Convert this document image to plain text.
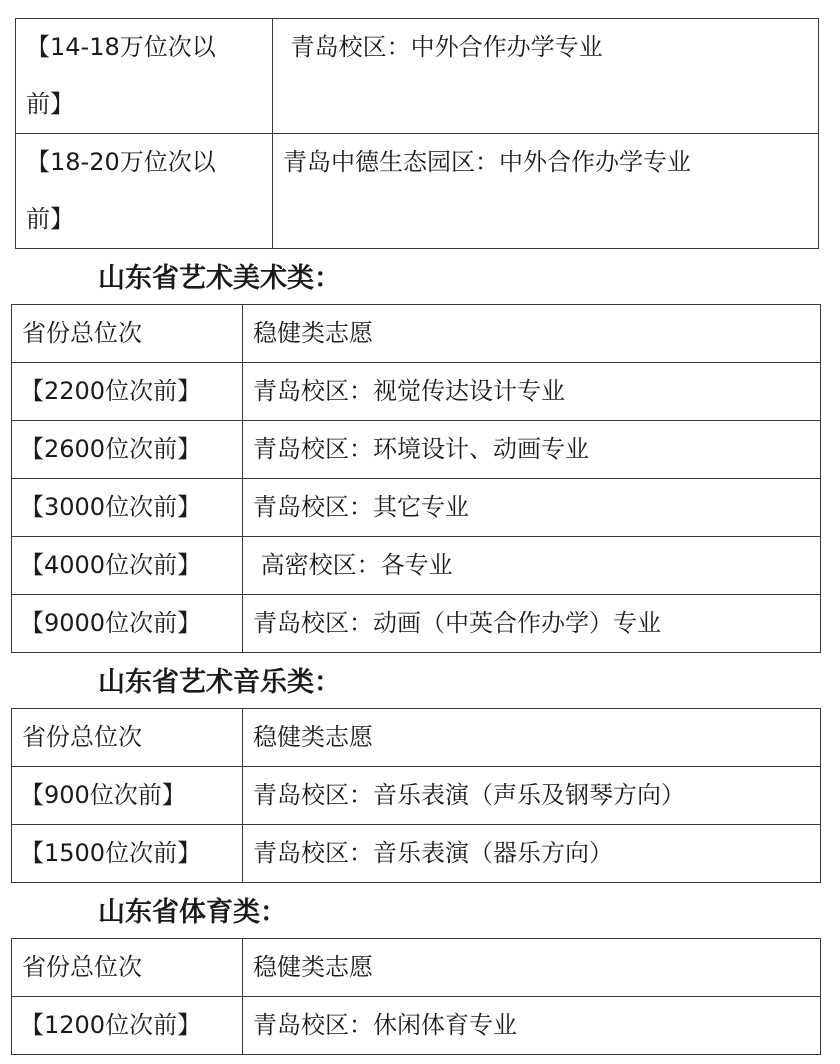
【14-18万位次以前】	青岛校区：中外合作办学专业
【18-20万位次以前】	青岛中德生态园区：中外合作办学专业
山东省艺术美术类：
省份总位次	稳健类志愿
【2200位次前】	青岛校区：视觉传达设计专业
【2600位次前】	青岛校区：环境设计、动画专业
【3000位次前】	青岛校区：其它专业
【4000位次前】	高密校区：各专业
【9000位次前】	青岛校区：动画（中英合作办学）专业
山东省艺术音乐类：
省份总位次	稳健类志愿
【900位次前】	青岛校区：音乐表演（声乐及钢琴方向）
【1500位次前】	青岛校区：音乐表演（器乐方向）
山东省体育类：
省份总位次	稳健类志愿
【1200位次前】	青岛校区：休闲体育专业
